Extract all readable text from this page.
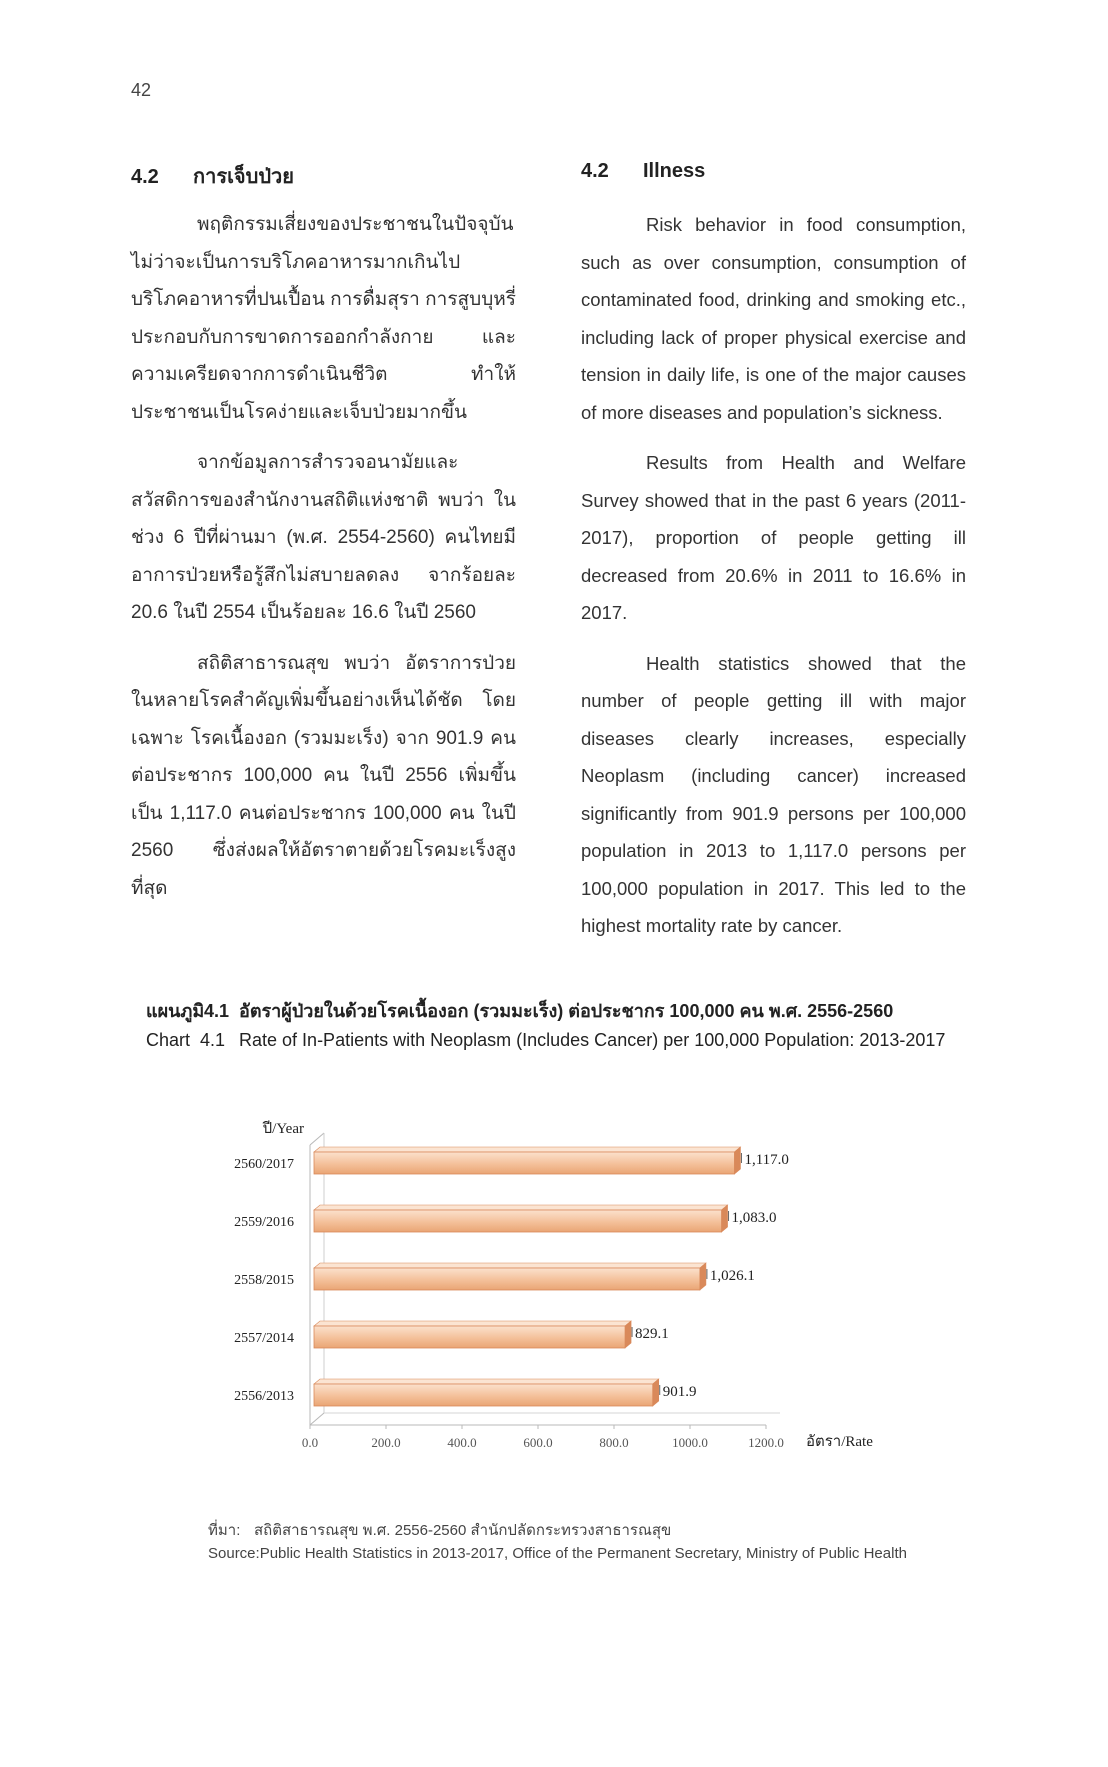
42
4.2 การเจ็บป่วย

พฤติกรรมเสี่ยงของประชาชนในปัจจุบัน ไม่ว่าจะเป็นการบริโภคอาหารมากเกินไป บริโภคอาหารที่ปนเปื้อน การดื่มสุรา การสูบบุหรี่ ประกอบกับการขาดการออกกำลังกาย และความเครียดจากการดำเนินชีวิต ทำให้ประชาชนเป็นโรคง่ายและเจ็บป่วยมากขึ้น

จากข้อมูลการสำรวจอนามัยและสวัสดิการของสำนักงานสถิติแห่งชาติ พบว่า ในช่วง 6 ปีที่ผ่านมา (พ.ศ. 2554-2560) คนไทยมีอาการป่วยหรือรู้สึกไม่สบายลดลง จากร้อยละ 20.6 ในปี 2554 เป็นร้อยละ 16.6 ในปี 2560

สถิติสาธารณสุข พบว่า อัตราการป่วยในหลายโรคสำคัญเพิ่มขึ้นอย่างเห็นได้ชัด โดยเฉพาะ โรคเนื้องอก (รวมมะเร็ง) จาก 901.9 คนต่อประชากร 100,000 คน ในปี 2556 เพิ่มขึ้นเป็น 1,117.0 คนต่อประชากร 100,000 คน ในปี 2560 ซึ่งส่งผลให้อัตราตายด้วยโรคมะเร็งสูงที่สุด

4.2 Illness

Risk behavior in food consumption, such as over consumption, consumption of contaminated food, drinking and smoking etc., including lack of proper physical exercise and tension in daily life, is one of the major causes of more diseases and population’s sickness.

Results from Health and Welfare Survey showed that in the past 6 years (2011-2017), proportion of people getting ill decreased from 20.6% in 2011 to 16.6% in 2017.

Health statistics showed that the number of people getting ill with major diseases clearly increases, especially Neoplasm (including cancer) increased significantly from 901.9 persons per 100,000 population in 2013 to 1,117.0 persons per 100,000 population in 2017. This led to the highest mortality rate by cancer.

แผนภูมิ4.1 อัตราผู้ป่วยในด้วยโรคเนื้องอก (รวมมะเร็ง) ต่อประชากร 100,000 คน พ.ศ. 2556-2560
Chart 4.1 Rate of In-Patients with Neoplasm (Includes Cancer) per 100,000 Population: 2013-2017
ปี/Year
อัตรา/Rate
0.0	200.0	400.0	600.0	800.0	1000.0	1200.0
2560/2017	1,117.0
2559/2016	1,083.0
2558/2015	1,026.1
2557/2014	829.1
2556/2013	901.9
ที่มา: สถิติสาธารณสุข พ.ศ. 2556-2560 สำนักปลัดกระทรวงสาธารณสุข
Source:Public Health Statistics in 2013-2017, Office of the Permanent Secretary, Ministry of Public Health
